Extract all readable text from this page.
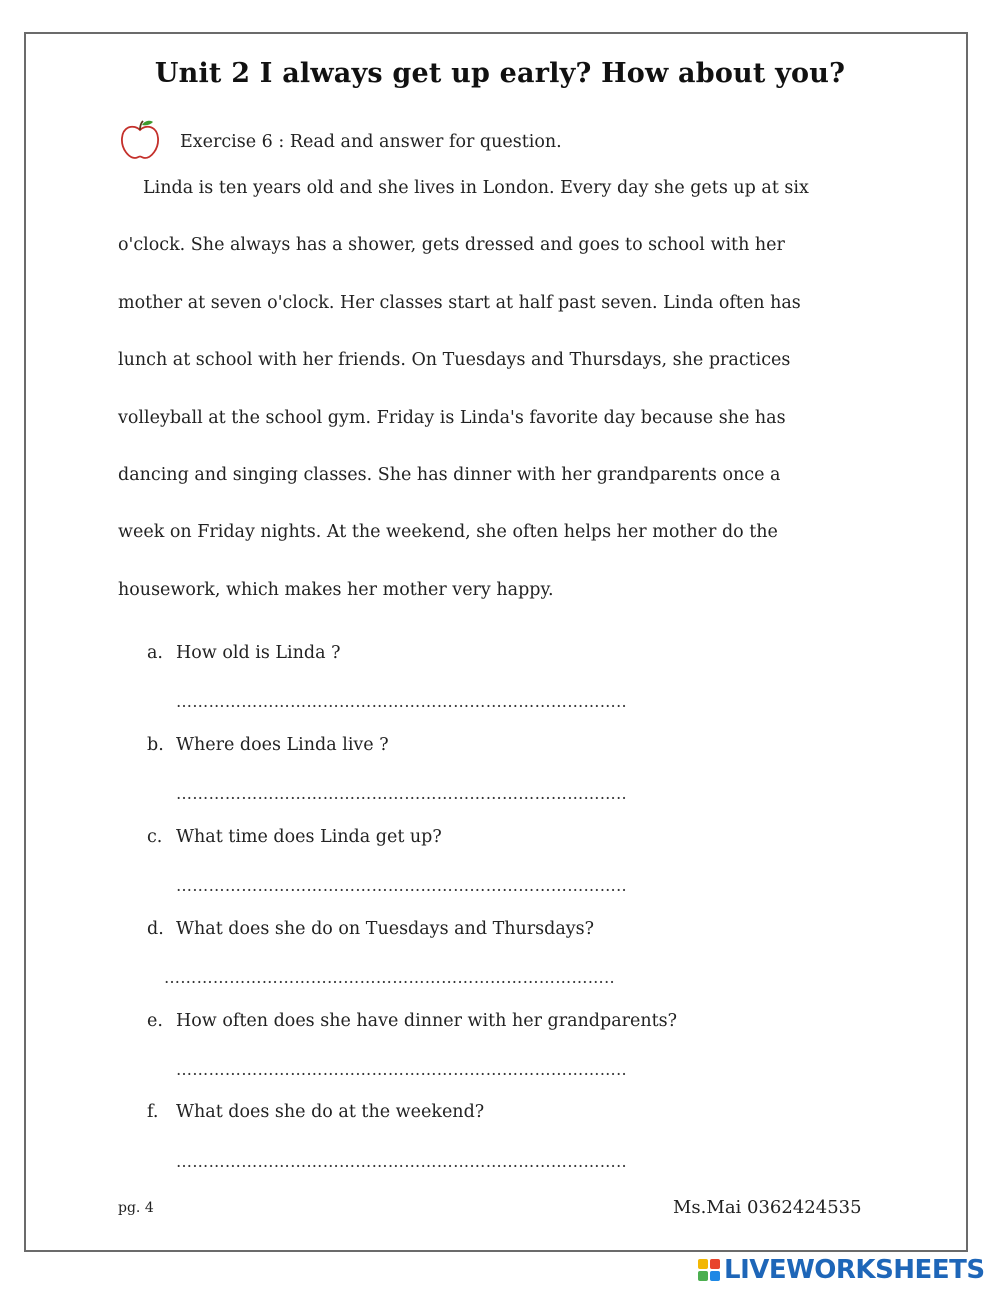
Unit 2 I always get up early? How about you?
Exercise 6 : Read and answer for question.
Linda is ten years old and she lives in London. Every day she gets up at six
o'clock. She always has a shower, gets dressed and goes to school with her
mother at seven o'clock. Her classes start at half past seven. Linda often has
lunch at school with her friends. On Tuesdays and Thursdays, she practices
volleyball at the school gym. Friday is Linda's favorite day because she has
dancing and singing classes. She has dinner with her grandparents once a
week on Friday nights. At the weekend, she often helps her mother do the
housework, which makes her mother very happy.
a. How old is Linda ?
………………………………………………………………………..
b. Where does Linda live ?
………………………………………………………………………..
c. What time does Linda get up?
………………………………………………………………………..
d. What does she do on Tuesdays and Thursdays?
………………………………………………………………………..
e. How often does she have dinner with her grandparents?
………………………………………………………………………..
f. What does she do at the weekend?
………………………………………………………………………..
pg. 4	Ms.Mai 0362424535
LIVEWORKSHEETS
